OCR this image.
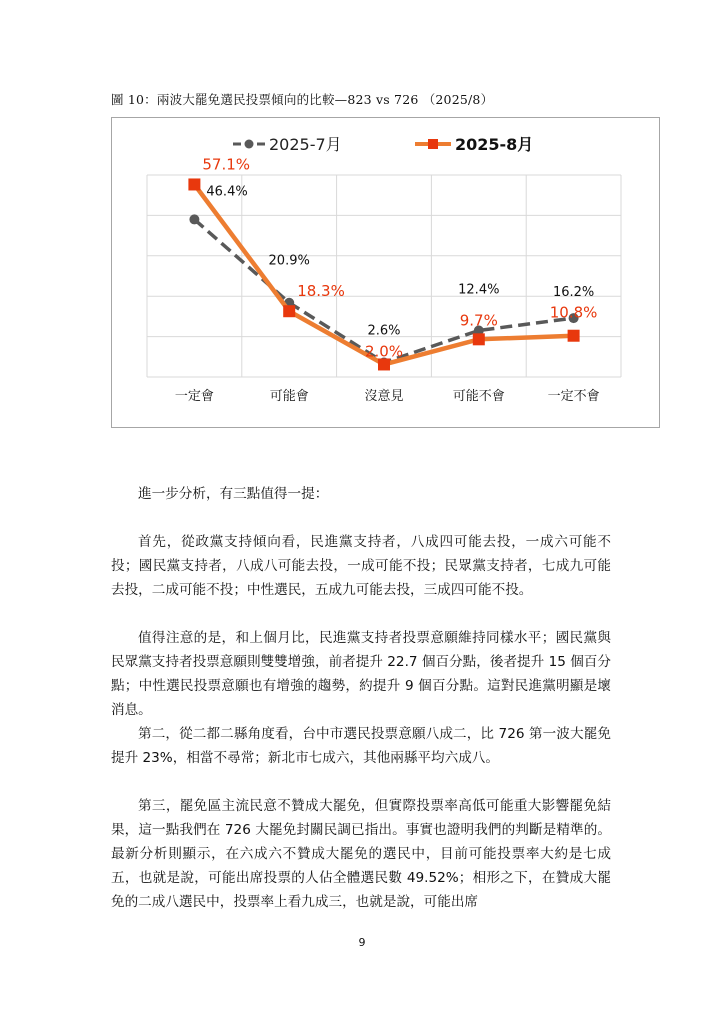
圖 10：兩波大罷免選民投票傾向的比較—823 vs 726 （2025/8）
一定會	可能會	沒意見	可能不會	一定不會
2025-7月	2025-8月
46.4%
20.9%
2.6%
12.4%	16.2%
57.1%
18.3%
2.0%
9.7%	10.8%

進一步分析，有三點值得一提：

首先，從政黨支持傾向看，民進黨支持者，八成四可能去投，一成六可能不投；國民黨支持者，八成八可能去投，一成可能不投；民眾黨支持者，七成九可能去投，二成可能不投；中性選民，五成九可能去投，三成四可能不投。

值得注意的是，和上個月比，民進黨支持者投票意願維持同樣水平；國民黨與民眾黨支持者投票意願則雙雙增強，前者提升 22.7 個百分點，後者提升 15 個百分點；中性選民投票意願也有增強的趨勢，約提升 9 個百分點。這對民進黨明顯是壞消息。

第二，從二都二縣角度看，台中市選民投票意願八成二，比 726 第一波大罷免提升 23%，相當不尋常；新北市七成六，其他兩縣平均六成八。

第三，罷免區主流民意不贊成大罷免，但實際投票率高低可能重大影響罷免結果，這一點我們在 726 大罷免封關民調已指出。事實也證明我們的判斷是精準的。最新分析則顯示，在六成六不贊成大罷免的選民中，目前可能投票率大約是七成五，也就是說，可能出席投票的人佔全體選民數 49.52%；相形之下，在贊成大罷免的二成八選民中，投票率上看九成三，也就是說，可能出席

9
